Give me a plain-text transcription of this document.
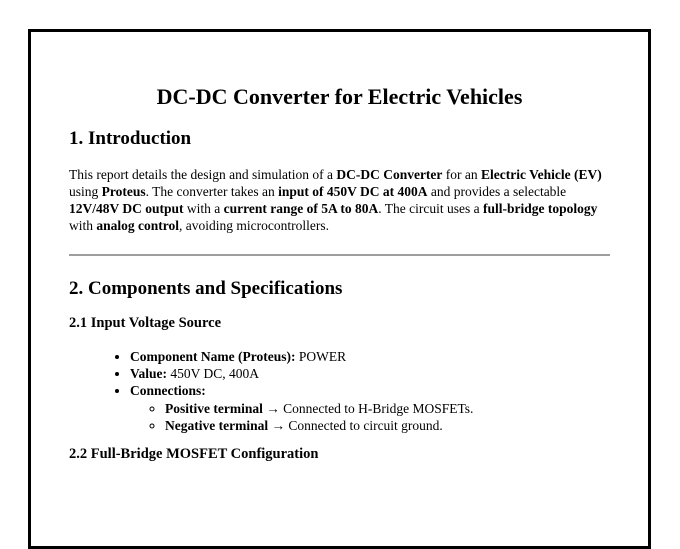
DC-DC Converter for Electric Vehicles
1. Introduction

This report details the design and simulation of a DC-DC Converter for an Electric Vehicle (EV) using Proteus. The converter takes an input of 450V DC at 400A and provides a selectable 12V/48V DC output with a current range of 5A to 80A. The circuit uses a full-bridge topology with analog control, avoiding microcontrollers.

2. Components and Specifications
2.1 Input Voltage Source
• Component Name (Proteus): POWER
• Value: 450V DC, 400A
• Connections:
◦ Positive terminal → Connected to H-Bridge MOSFETs.
◦ Negative terminal → Connected to circuit ground.
2.2 Full-Bridge MOSFET Configuration
